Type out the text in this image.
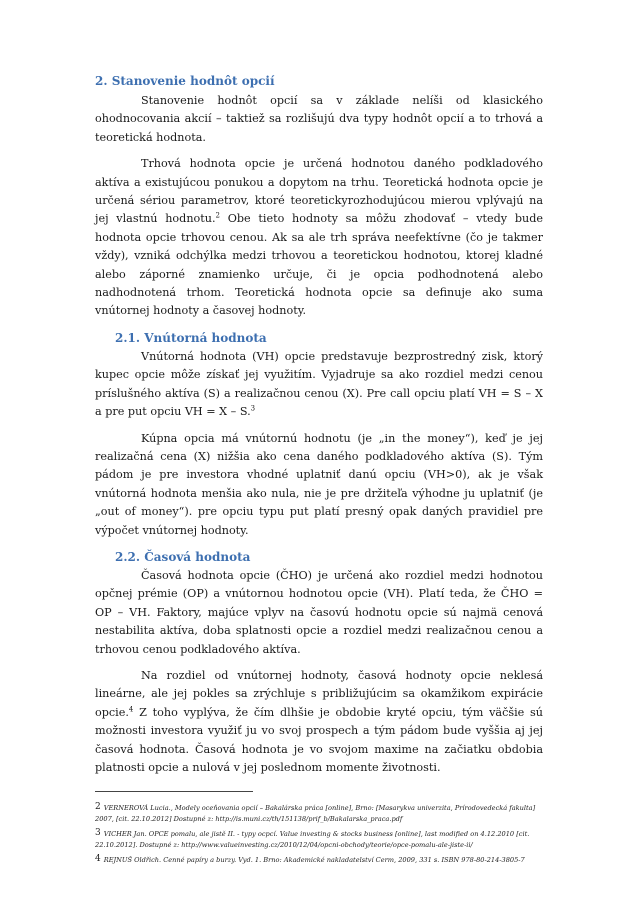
2. Stanovenie hodnôt opcií

Stanovenie hodnôt opcií sa v základe nelíši od klasického ohodnocovania akcií – taktiež sa rozlišujú dva typy hodnôt opcií a to trhová a teoretická hodnota.

Trhová hodnota opcie je určená hodnotou daného podkladového aktíva a existujúcou ponukou a dopytom na trhu. Teoretická hodnota opcie je určená sériou parametrov, ktoré teoretickyrozhodujúcou mierou vplývajú na jej vlastnú hodnotu.$^2$ Obe tieto hodnoty sa môžu zhodovať – vtedy bude hodnota opcie trhovou cenou. Ak sa ale trh správa neefektívne (čo je takmer vždy), vzniká odchýlka medzi trhovou a teoretickou hodnotou, ktorej kladné alebo záporné znamienko určuje, či je opcia podhodnotená alebo nadhodnotená trhom. Teoretická hodnota opcie sa definuje ako suma vnútornej hodnoty a časovej hodnoty.

2.1. Vnútorná hodnota

Vnútorná hodnota (VH) opcie predstavuje bezprostredný zisk, ktorý kupec opcie môže získať jej využitím. Vyjadruje sa ako rozdiel medzi cenou príslušného aktíva (S) a realizačnou cenou (X). Pre call opciu platí VH = S – X a pre put opciu VH = X – S.$^3$

Kúpna opcia má vnútornú hodnotu (je „in the money“), keď je jej realizačná cena (X) nižšia ako cena daného podkladového aktíva (S). Tým pádom je pre investora vhodné uplatniť danú opciu (VH>0), ak je však vnútorná hodnota menšia ako nula, nie je pre držiteľa výhodne ju uplatniť (je „out of money“). pre opciu typu put platí presný opak daných pravidiel pre výpočet vnútornej hodnoty.

2.2. Časová hodnota

Časová hodnota opcie (ČHO) je určená ako rozdiel medzi hodnotou opčnej prémie (OP) a vnútornou hodnotou opcie (VH). Platí teda, že ČHO = OP – VH. Faktory, majúce vplyv na časovú hodnotu opcie sú najmä cenová nestabilita aktíva, doba splatnosti opcie a rozdiel medzi realizačnou cenou a trhovou cenou podkladového aktíva.

Na rozdiel od vnútornej hodnoty, časová hodnoty opcie neklesá lineárne, ale jej pokles sa zrýchluje s približujúcim sa okamžikom expirácie opcie.$^4$ Z toho vyplýva, že čím dlhšie je obdobie kryté opciu, tým väčšie sú možnosti investora využiť ju vo svoj prospech a tým pádom bude vyššia aj jej časová hodnota. Časová hodnota je vo svojom maxime na začiatku obdobia platnosti opcie a nulová v jej poslednom momente životnosti.

2 VERNEROVÁ Lucia., Modely oceňovania opcií – Bakalárska práca [online], Brno: [Masarykva univerzita, Prírodovedecká fakulta] 2007, [cit. 22.10.2012] Dostupné z: http://is.muni.cz/th/151138/prif_b/Bakalarska_praca.pdf

3 VICHER Jan. OPCE pomalu, ale jistě II. - typy ocpcí. Value investing & stocks business [online], last modified on 4.12.2010 [cit. 22.10.2012]. Dostupné z: http://www.valueinvesting.cz/2010/12/04/opcni-obchody/teorie/opce-pomalu-ale-jiste-ii/

4 REJNUŠ Oldřich. Cenné papíry a burzy. Vyd. 1. Brno: Akademické nakladatelství Cerm, 2009, 331 s. ISBN 978-80-214-3805-7
